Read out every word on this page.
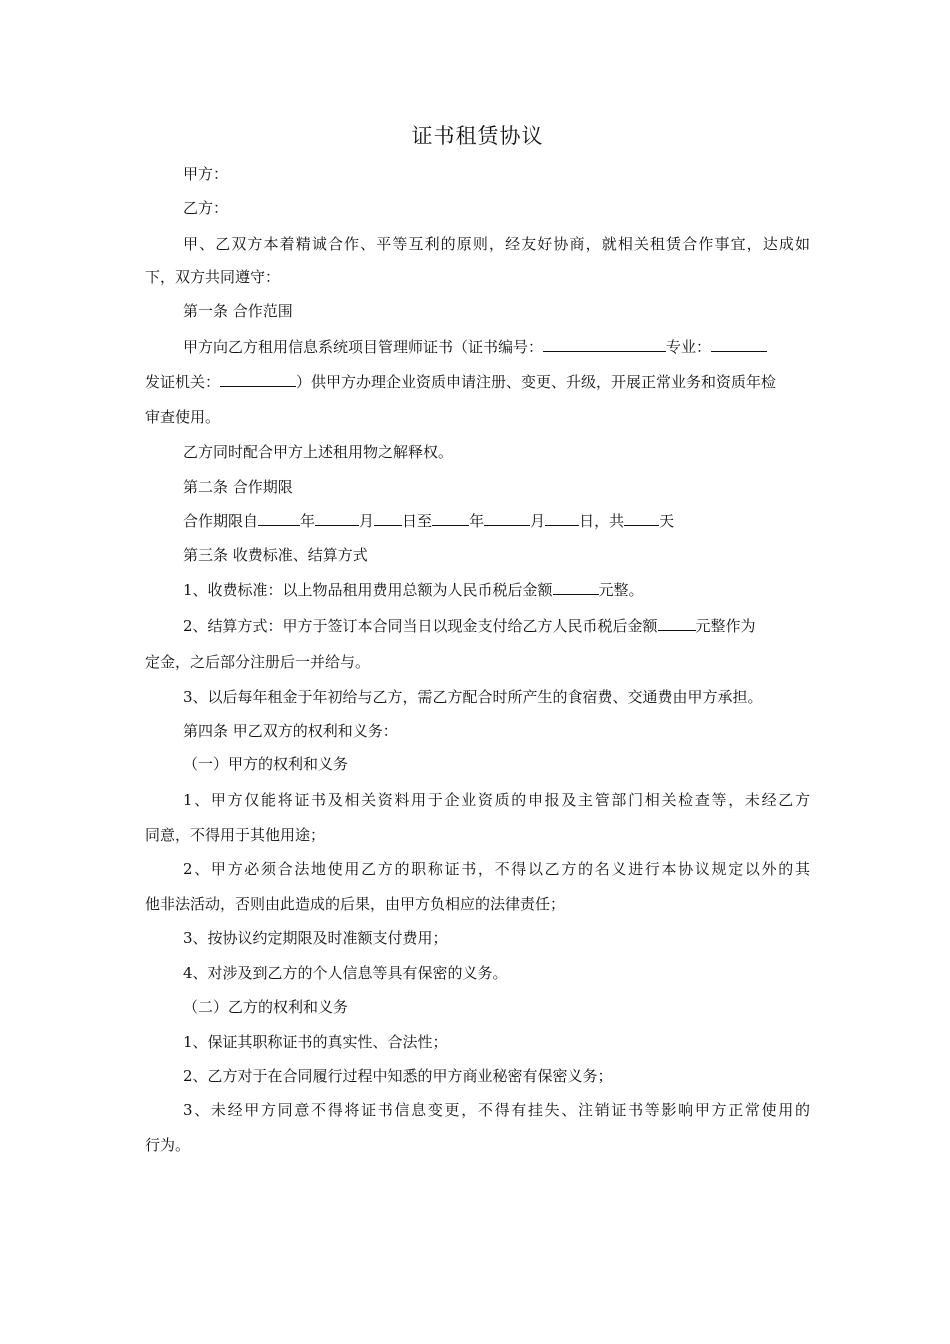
证书租赁协议
甲方：
乙方：
甲、乙双方本着精诚合作、平等互利的原则，经友好协商，就相关租赁合作事宜，达成如
下，双方共同遵守：
第一条 合作范围
甲方向乙方租用信息系统项目管理师证书（证书编号：	专业：
发证机关：	）供甲方办理企业资质申请注册、变更、升级，开展正常业务和资质年检
审查使用。
乙方同时配合甲方上述租用物之解释权。
第二条 合作期限
合作期限自	年	月 日至 年	月 日，共 天
第三条 收费标准、结算方式
1、收费标准：以上物品租用费用总额为人民币税后金额	元整。
2、结算方式：甲方于签订本合同当日以现金支付给乙方人民币税后金额	元整作为
定金，之后部分注册后一并给与。
3、以后每年租金于年初给与乙方，需乙方配合时所产生的食宿费、交通费由甲方承担。
第四条 甲乙双方的权利和义务：
（一）甲方的权利和义务
1、甲方仅能将证书及相关资料用于企业资质的申报及主管部门相关检查等，未经乙方
同意，不得用于其他用途；
2、甲方必须合法地使用乙方的职称证书，不得以乙方的名义进行本协议规定以外的其
他非法活动，否则由此造成的后果，由甲方负相应的法律责任；
3、按协议约定期限及时准额支付费用；
4、对涉及到乙方的个人信息等具有保密的义务。
（二）乙方的权利和义务
1、保证其职称证书的真实性、合法性；
2、乙方对于在合同履行过程中知悉的甲方商业秘密有保密义务；
3、未经甲方同意不得将证书信息变更，不得有挂失、注销证书等影响甲方正常使用的
行为。
